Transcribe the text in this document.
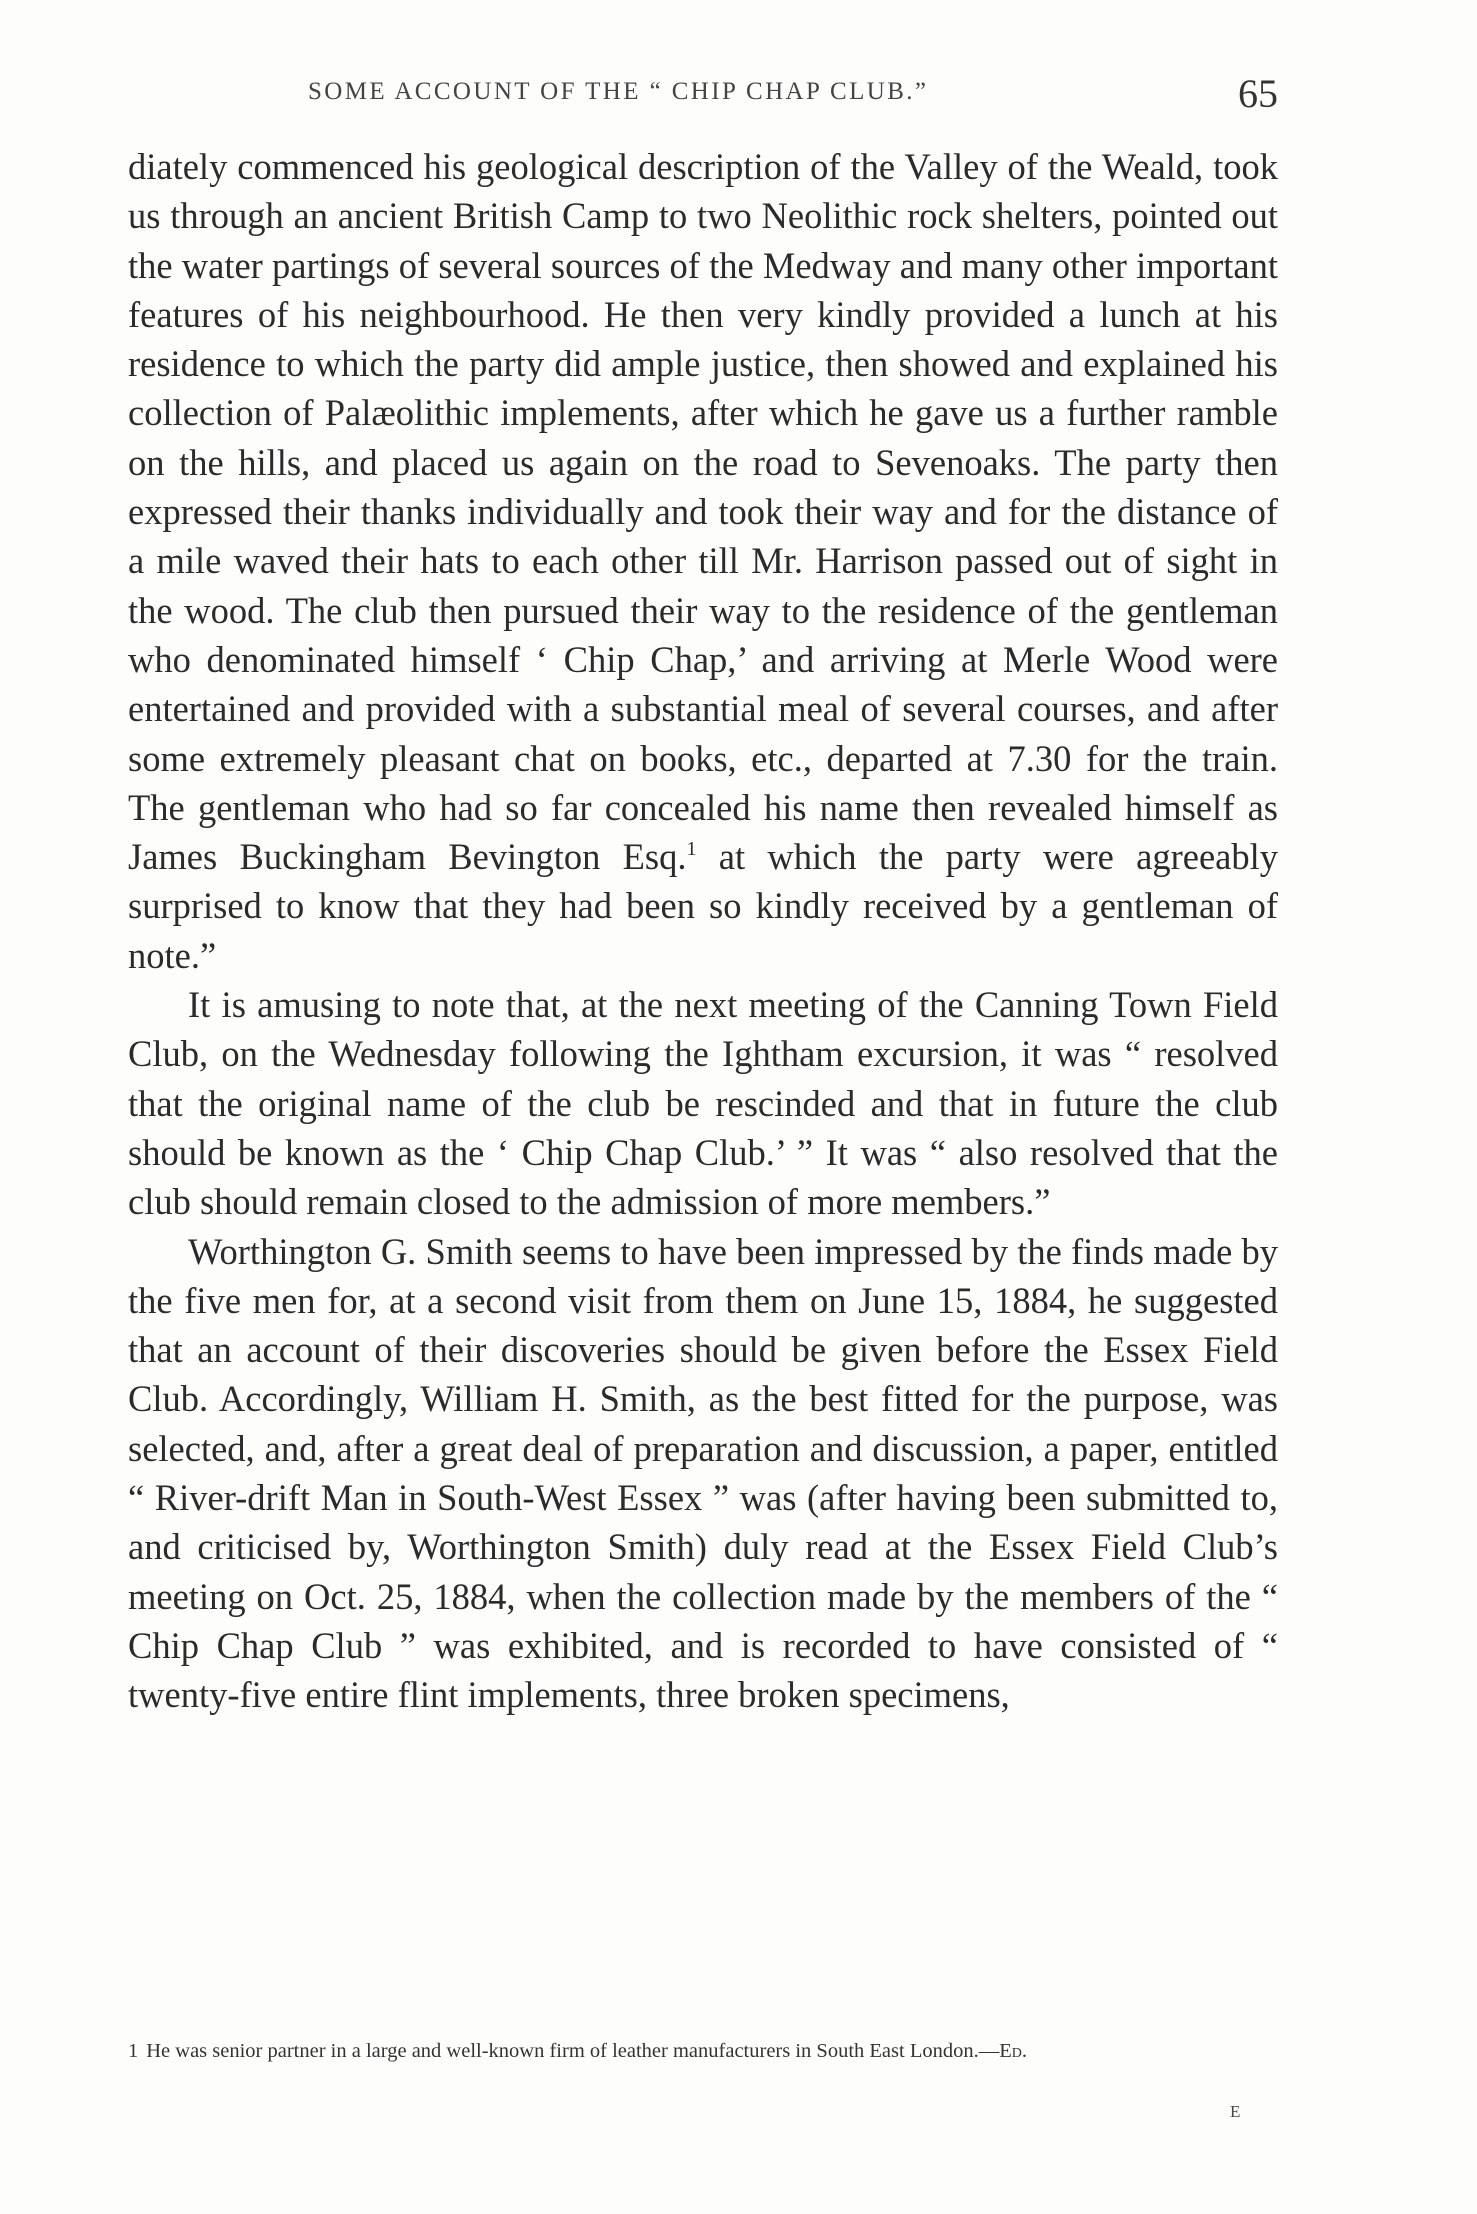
SOME ACCOUNT OF THE “ CHIP CHAP CLUB.”	65

diately commenced his geological description of the Valley of the Weald, took us through an ancient British Camp to two Neolithic rock shelters, pointed out the water partings of several sources of the Medway and many other important features of his neighbourhood. He then very kindly provided a lunch at his residence to which the party did ample justice, then showed and explained his collection of Palæolithic implements, after which he gave us a further ramble on the hills, and placed us again on the road to Sevenoaks. The party then expressed their thanks individually and took their way and for the distance of a mile waved their hats to each other till Mr. Harrison passed out of sight in the wood. The club then pursued their way to the residence of the gentleman who denominated himself ‘ Chip Chap,’ and arriving at Merle Wood were entertained and provided with a substantial meal of several courses, and after some extremely pleasant chat on books, etc., departed at 7.30 for the train. The gentleman who had so far concealed his name then revealed himself as James Buckingham Bevington Esq.$^1$ at which the party were agreeably surprised to know that they had been so kindly received by a gentleman of note.”

It is amusing to note that, at the next meeting of the Canning Town Field Club, on the Wednesday following the Ightham excursion, it was “ resolved that the original name of the club be rescinded and that in future the club should be known as the ‘ Chip Chap Club.’ ” It was “ also resolved that the club should remain closed to the admission of more members.”

Worthington G. Smith seems to have been impressed by the finds made by the five men for, at a second visit from them on June 15, 1884, he suggested that an account of their discoveries should be given before the Essex Field Club. Accordingly, William H. Smith, as the best fitted for the purpose, was selected, and, after a great deal of preparation and discussion, a paper, entitled “ River-drift Man in South-West Essex ” was (after having been submitted to, and criticised by, Worthington Smith) duly read at the Essex Field Club’s meeting on Oct. 25, 1884, when the collection made by the members of the “ Chip Chap Club ” was exhibited, and is recorded to have consisted of “ twenty-five entire flint implements, three broken specimens,

1 He was senior partner in a large and well-known firm of leather manufacturers in South East London.—Ed.

E
